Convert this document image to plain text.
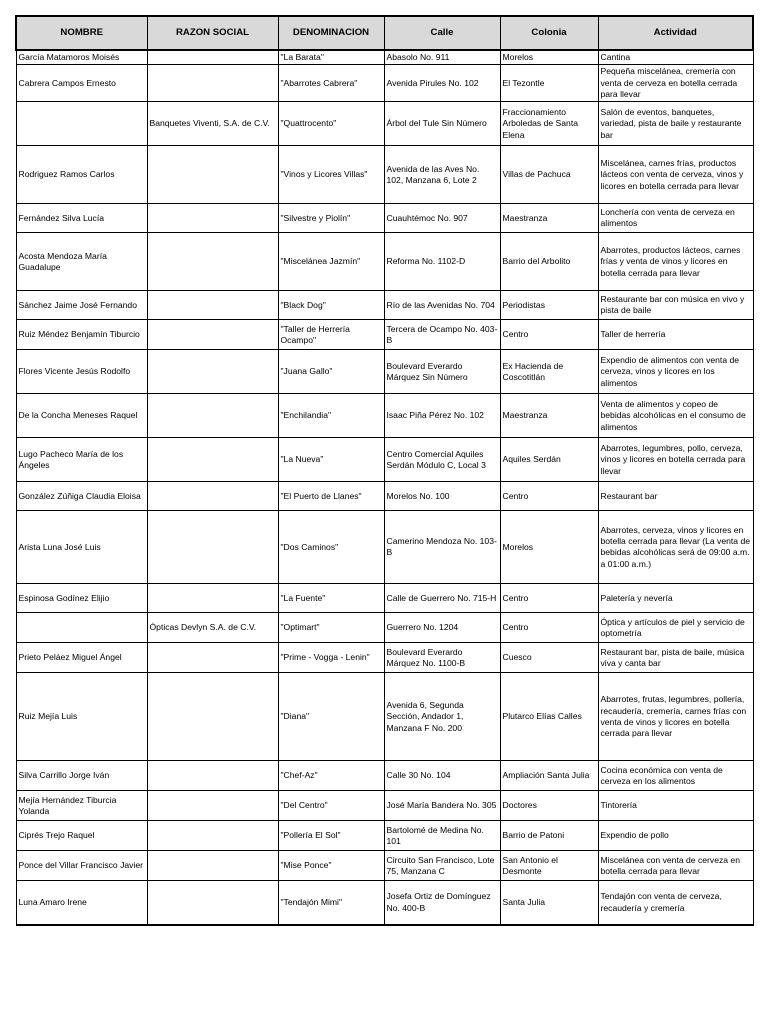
NOMBRE	RAZON SOCIAL	DENOMINACION	Calle	Colonia	Actividad
García Matamoros Moisés		"La Barata"	Abasolo No. 911	Morelos	Cantina
Cabrera Campos Ernesto		"Abarrotes Cabrera"	Avenida Pirules No. 102	El Tezontle	Pequeña miscelánea, cremería con venta de cerveza en botella cerrada para llevar
	Banquetes Viventi, S.A. de C.V.	"Quattrocento"	Árbol del Tule Sin Número	Fraccionamiento Arboledas de Santa Elena	Salón de eventos, banquetes, variedad, pista de baile y restaurante bar
Rodriguez Ramos Carlos		"Vinos y Licores Villas"	Avenida de las Aves No. 102, Manzana 6, Lote 2	Villas de Pachuca	Miscelánea, carnes frías, productos lácteos con venta de cerveza, vinos y licores en botella cerrada para llevar
Fernández Silva Lucía		"Silvestre y Piolín"	Cuauhtémoc No. 907	Maestranza	Lonchería con venta de cerveza en alimentos
Acosta Mendoza María Guadalupe		"Miscelánea Jazmín"	Reforma No. 1102-D	Barrio del Arbolito	Abarrotes, productos lácteos, carnes frías y venta de vinos y licores en botella cerrada para llevar
Sánchez Jaime José Fernando		"Black Dog"	Río de las Avenidas No. 704	Periodistas	Restaurante bar con música en vivo y pista de baile
Ruiz Méndez Benjamín Tiburcio		"Taller de Herrería Ocampo"	Tercera de Ocampo No. 403-B	Centro	Taller de herrería
Flores Vicente Jesús Rodolfo		"Juana Gallo"	Boulevard Everardo Márquez Sin Número	Ex Hacienda de Coscotitlán	Expendio de alimentos con venta de cerveza, vinos y licores en los alimentos
De la Concha Meneses Raquel		"Enchilandia"	Isaac Piña Pérez No. 102	Maestranza	Venta de alimentos y copeo de bebidas alcohólicas en el consumo de alimentos
Lugo Pacheco María de los Ángeles		"La Nueva"	Centro Comercial Aquiles Serdán Módulo C, Local 3	Aquiles Serdán	Abarrotes, legumbres, pollo, cerveza, vinos y licores en botella cerrada para llevar
González Zúñiga Claudia Eloisa		"El Puerto de Llanes"	Morelos No. 100	Centro	Restaurant bar
Arista Luna José Luis		"Dos Caminos"	Camerino Mendoza No. 103-B	Morelos	Abarrotes, cerveza, vinos y licores en botella cerrada para llevar (La venta de bebidas alcohólicas será de 09:00 a.m. a 01:00 a.m.)
Espinosa Godínez Elijio		"La Fuente"	Calle de Guerrero No. 715-H	Centro	Paletería y nevería
	Ópticas Devlyn S.A. de C.V.	"Optimart"	Guerrero No. 1204	Centro	Óptica y artículos de piel y servicio de optometría
Prieto Peláez Miguel Ángel		"Prime - Vogga - Lenin"	Boulevard Everardo Márquez No. 1100-B	Cuesco	Restaurant bar, pista de baile, música viva y canta bar
Ruiz Mejía Luis		"Diana"	Avenida 6, Segunda Sección, Andador 1, Manzana F No. 200	Plutarco Elías Calles	Abarrotes, frutas, legumbres, pollería, recaudería, cremería, carnes frías con venta de vinos y licores en botella cerrada para llevar
Silva Carrillo Jorge Iván		"Chef-Az"	Calle 30 No. 104	Ampliación Santa Julia	Cocina económica con venta de cerveza en los alimentos
Mejía Hernández Tiburcia Yolanda		"Del Centro"	José María Bandera No. 305	Doctores	Tintorería
Ciprés Trejo Raquel		"Pollería El Sol"	Bartolomé de Medina No. 101	Barrio de Patoni	Expendio de pollo
Ponce del Villar Francisco Javier		"Mise Ponce"	Circuito San Francisco, Lote 75, Manzana C	San Antonio el Desmonte	Miscelánea con venta de cerveza en botella cerrada para llevar
Luna Amaro Irene		"Tendajón Mimi"	Josefa Ortiz de Domínguez No. 400-B	Santa Julia	Tendajón con venta de cerveza, recaudería y cremería
